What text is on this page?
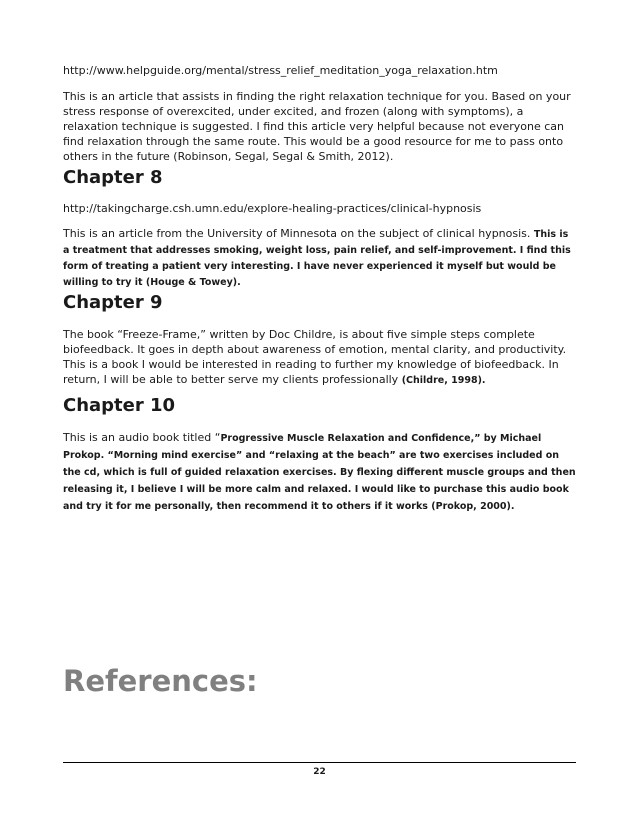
http://www.helpguide.org/mental/stress_relief_meditation_yoga_relaxation.htm
This is an article that assists in finding the right relaxation technique for you. Based on your stress response of overexcited, under excited, and frozen (along with symptoms), a relaxation technique is suggested. I find this article very helpful because not everyone can find relaxation through the same route. This would be a good resource for me to pass onto others in the future (Robinson, Segal, Segal & Smith, 2012).
Chapter 8
http://takingcharge.csh.umn.edu/explore-healing-practices/clinical-hypnosis
This is an article from the University of Minnesota on the subject of clinical hypnosis. This is a treatment that addresses smoking, weight loss, pain relief, and self-improvement. I find this form of treating a patient very interesting. I have never experienced it myself but would be willing to try it (Houge & Towey).
Chapter 9
The book “Freeze-Frame,” written by Doc Childre, is about five simple steps complete biofeedback. It goes in depth about awareness of emotion, mental clarity, and productivity. This is a book I would be interested in reading to further my knowledge of biofeedback. In return, I will be able to better serve my clients professionally (Childre, 1998).
Chapter 10
This is an audio book titled “Progressive Muscle Relaxation and Confidence,” by Michael Prokop. “Morning mind exercise” and “relaxing at the beach” are two exercises included on the cd, which is full of guided relaxation exercises. By flexing different muscle groups and then releasing it, I believe I will be more calm and relaxed. I would like to purchase this audio book and try it for me personally, then recommend it to others if it works (Prokop, 2000).
References:
22
